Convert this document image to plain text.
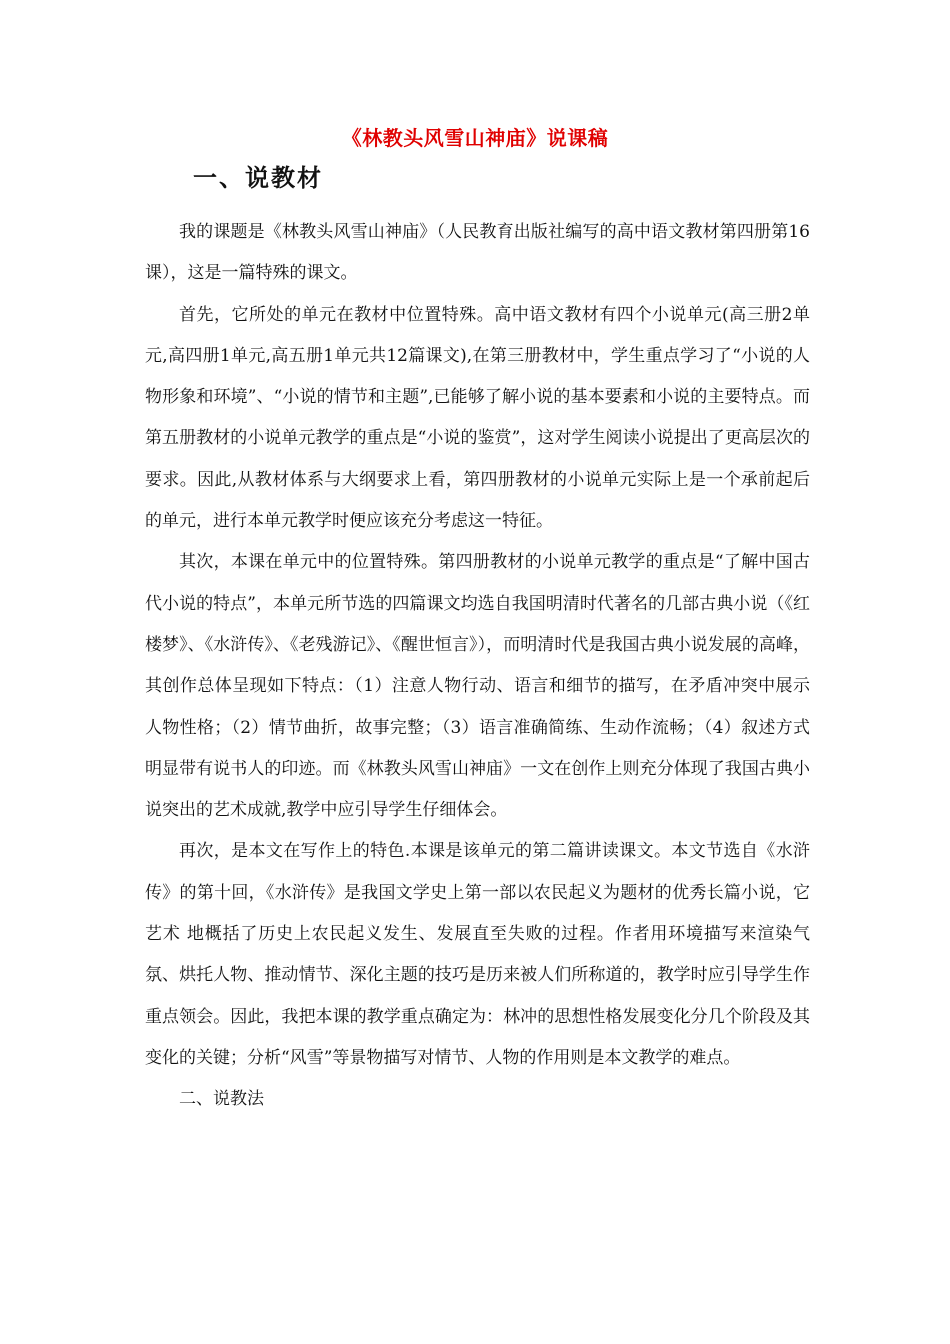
《林教头风雪山神庙》说课稿
一、说教材

我的课题是《林教头风雪山神庙》（人民教育出版社编写的高中语文教材第四册第16课），这是一篇特殊的课文。

首先，它所处的单元在教材中位置特殊。高中语文教材有四个小说单元(高三册2单元,高四册1单元,高五册1单元共12篇课文),在第三册教材中，学生重点学习了“小说的人物形象和环境”、“小说的情节和主题”,已能够了解小说的基本要素和小说的主要特点。而第五册教材的小说单元教学的重点是“小说的鉴赏”，这对学生阅读小说提出了更高层次的要求。因此,从教材体系与大纲要求上看，第四册教材的小说单元实际上是一个承前起后的单元，进行本单元教学时便应该充分考虑这一特征。

其次，本课在单元中的位置特殊。第四册教材的小说单元教学的重点是“了解中国古代小说的特点”，本单元所节选的四篇课文均选自我国明清时代著名的几部古典小说（《红楼梦》、《水浒传》、《老残游记》、《醒世恒言》），而明清时代是我国古典小说发展的高峰，其创作总体呈现如下特点：（1）注意人物行动、语言和细节的描写，在矛盾冲突中展示人物性格；（2）情节曲折，故事完整；（3）语言准确简练、生动作流畅；（4）叙述方式明显带有说书人的印迹。而《林教头风雪山神庙》一文在创作上则充分体现了我国古典小说突出的艺术成就,教学中应引导学生仔细体会。

再次，是本文在写作上的特色.本课是该单元的第二篇讲读课文。本文节选自《水浒传》的第十回，《水浒传》是我国文学史上第一部以农民起义为题材的优秀长篇小说，它艺术 地概括了历史上农民起义发生、发展直至失败的过程。作者用环境描写来渲染气氛、烘托人物、推动情节、深化主题的技巧是历来被人们所称道的，教学时应引导学生作重点领会。因此，我把本课的教学重点确定为：林冲的思想性格发展变化分几个阶段及其变化的关键；分析“风雪”等景物描写对情节、人物的作用则是本文教学的难点。

二、说教法
